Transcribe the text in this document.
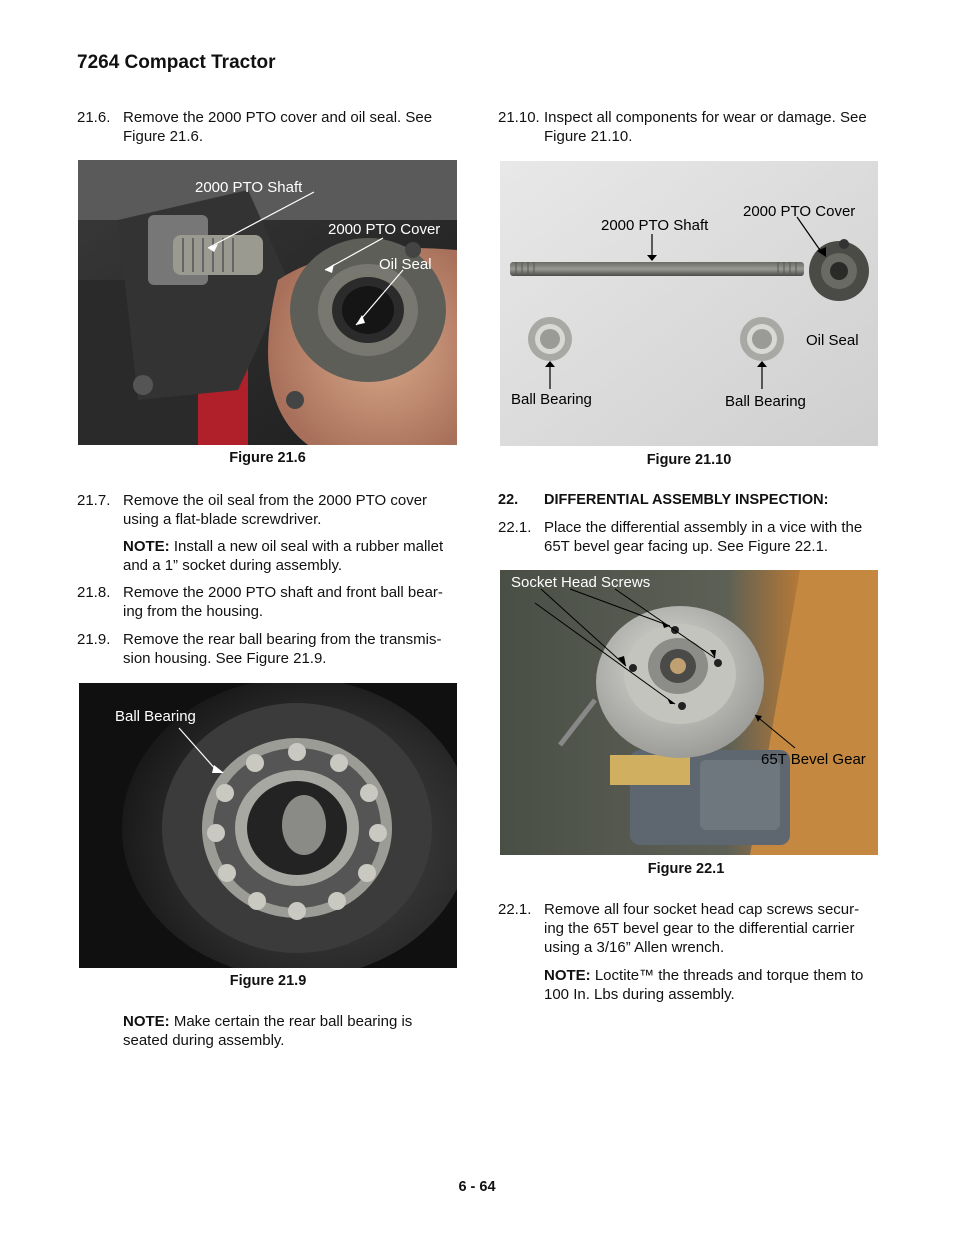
7264 Compact Tractor
21.6. Remove the 2000 PTO cover and oil seal. See Figure 21.6.
2000 PTO Shaft
2000 PTO Cover
Oil Seal
Figure 21.6
21.7. Remove the oil seal from the 2000 PTO cover using a flat-blade screwdriver.
NOTE: Install a new oil seal with a rubber mallet and a 1” socket during assembly.
21.8. Remove the 2000 PTO shaft and front ball bear-ing from the housing.
21.9. Remove the rear ball bearing from the transmis-sion housing. See Figure 21.9.
Ball Bearing
Figure 21.9
NOTE: Make certain the rear ball bearing is seated during assembly.
21.10. Inspect all components for wear or damage. See Figure 21.10.
2000 PTO Shaft
2000 PTO Cover
Oil Seal
Ball Bearing	Ball Bearing
Figure 21.10
22. DIFFERENTIAL ASSEMBLY INSPECTION:
22.1. Place the differential assembly in a vice with the 65T bevel gear facing up. See Figure 22.1.
Socket Head Screws
65T Bevel Gear
Figure 22.1
22.1. Remove all four socket head cap screws secur-ing the 65T bevel gear to the differential carrier using a 3/16” Allen wrench.
NOTE: Loctite™ the threads and torque them to 100 In. Lbs during assembly.
6 - 64
